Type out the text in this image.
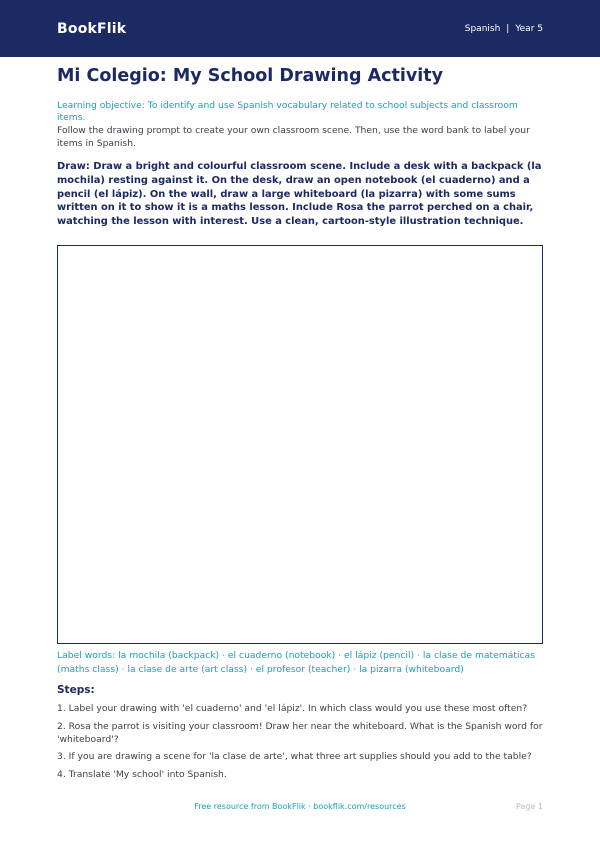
BookFlik	Spanish | Year 5
Mi Colegio: My School Drawing Activity

Learning objective: To identify and use Spanish vocabulary related to school subjects and classroom items.

Follow the drawing prompt to create your own classroom scene. Then, use the word bank to label your items in Spanish.

Draw: Draw a bright and colourful classroom scene. Include a desk with a backpack (la mochila) resting against it. On the desk, draw an open notebook (el cuaderno) and a pencil (el lápiz). On the wall, draw a large whiteboard (la pizarra) with some sums written on it to show it is a maths lesson. Include Rosa the parrot perched on a chair, watching the lesson with interest. Use a clean, cartoon-style illustration technique.

Label words: la mochila (backpack) · el cuaderno (notebook) · el lápiz (pencil) · la clase de matemáticas (maths class) · la clase de arte (art class) · el profesor (teacher) · la pizarra (whiteboard)

Steps:
1. Label your drawing with 'el cuaderno' and 'el lápiz'. In which class would you use these most often?
2. Rosa the parrot is visiting your classroom! Draw her near the whiteboard. What is the Spanish word for 'whiteboard'?
3. If you are drawing a scene for 'la clase de arte', what three art supplies should you add to the table?
4. Translate 'My school' into Spanish.
Free resource from BookFlik · bookflik.com/resources	Page 1
